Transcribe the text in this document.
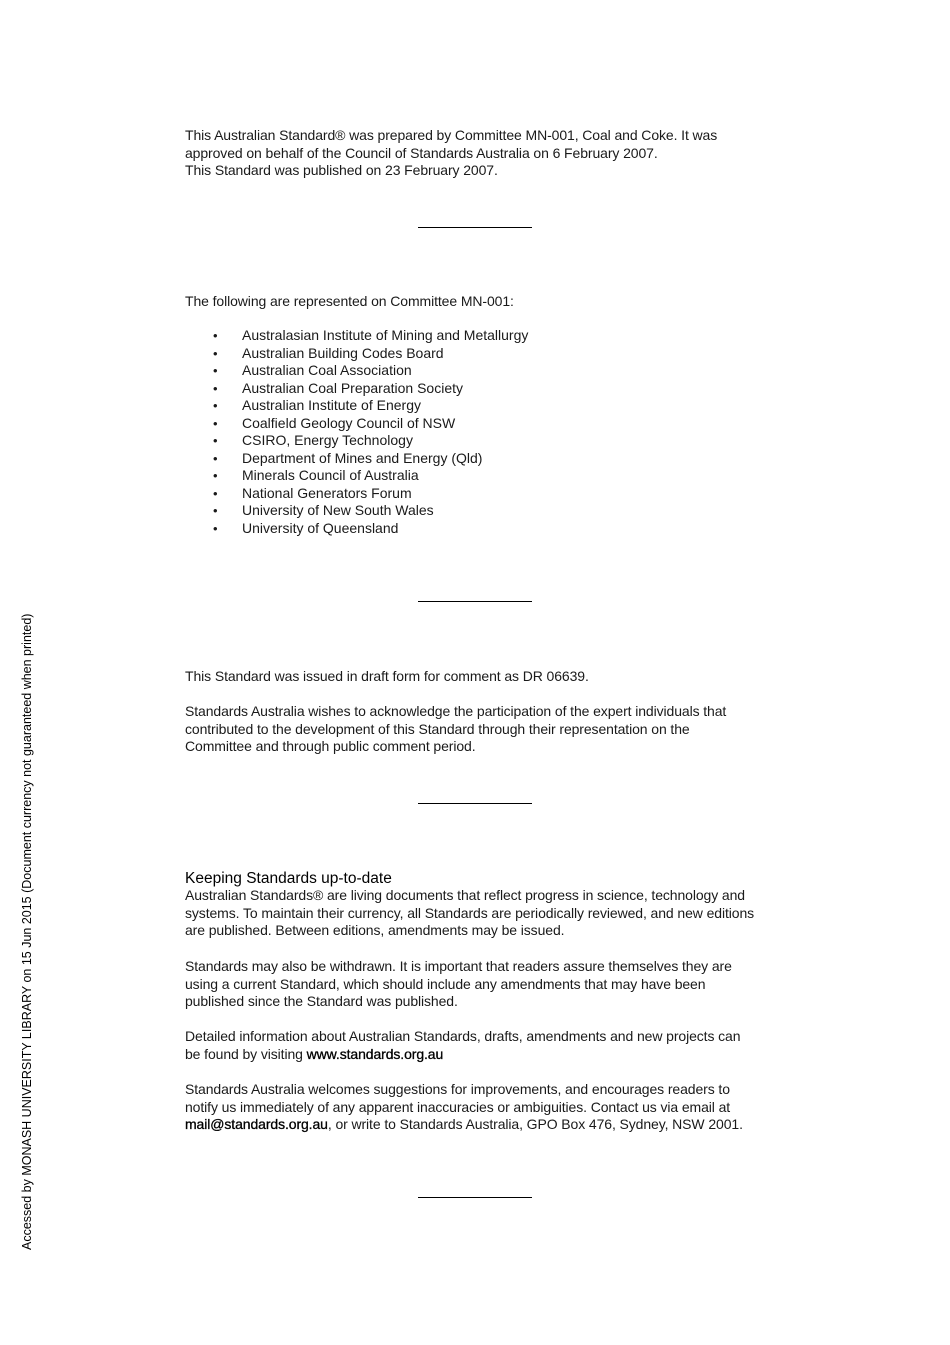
This Australian Standard® was prepared by Committee MN-001, Coal and Coke. It was
approved on behalf of the Council of Standards Australia on 6 February 2007.
This Standard was published on 23 February 2007.

The following are represented on Committee MN-001:

• Australasian Institute of Mining and Metallurgy
• Australian Building Codes Board
• Australian Coal Association
• Australian Coal Preparation Society
• Australian Institute of Energy
• Coalfield Geology Council of NSW
• CSIRO, Energy Technology
• Department of Mines and Energy (Qld)
• Minerals Council of Australia
• National Generators Forum
• University of New South Wales
• University of Queensland

This Standard was issued in draft form for comment as DR 06639.

Standards Australia wishes to acknowledge the participation of the expert individuals that
contributed to the development of this Standard through their representation on the
Committee and through public comment period.

Keeping Standards up-to-date

Australian Standards® are living documents that reflect progress in science, technology and
systems. To maintain their currency, all Standards are periodically reviewed, and new editions
are published. Between editions, amendments may be issued.

Standards may also be withdrawn. It is important that readers assure themselves they are
using a current Standard, which should include any amendments that may have been
published since the Standard was published.

Detailed information about Australian Standards, drafts, amendments and new projects can
be found by visiting www.standards.org.au

Standards Australia welcomes suggestions for improvements, and encourages readers to
notify us immediately of any apparent inaccuracies or ambiguities. Contact us via email at
mail@standards.org.au, or write to Standards Australia, GPO Box 476, Sydney, NSW 2001.

Accessed by MONASH UNIVERSITY LIBRARY on 15 Jun 2015 (Document currency not guaranteed when printed)
